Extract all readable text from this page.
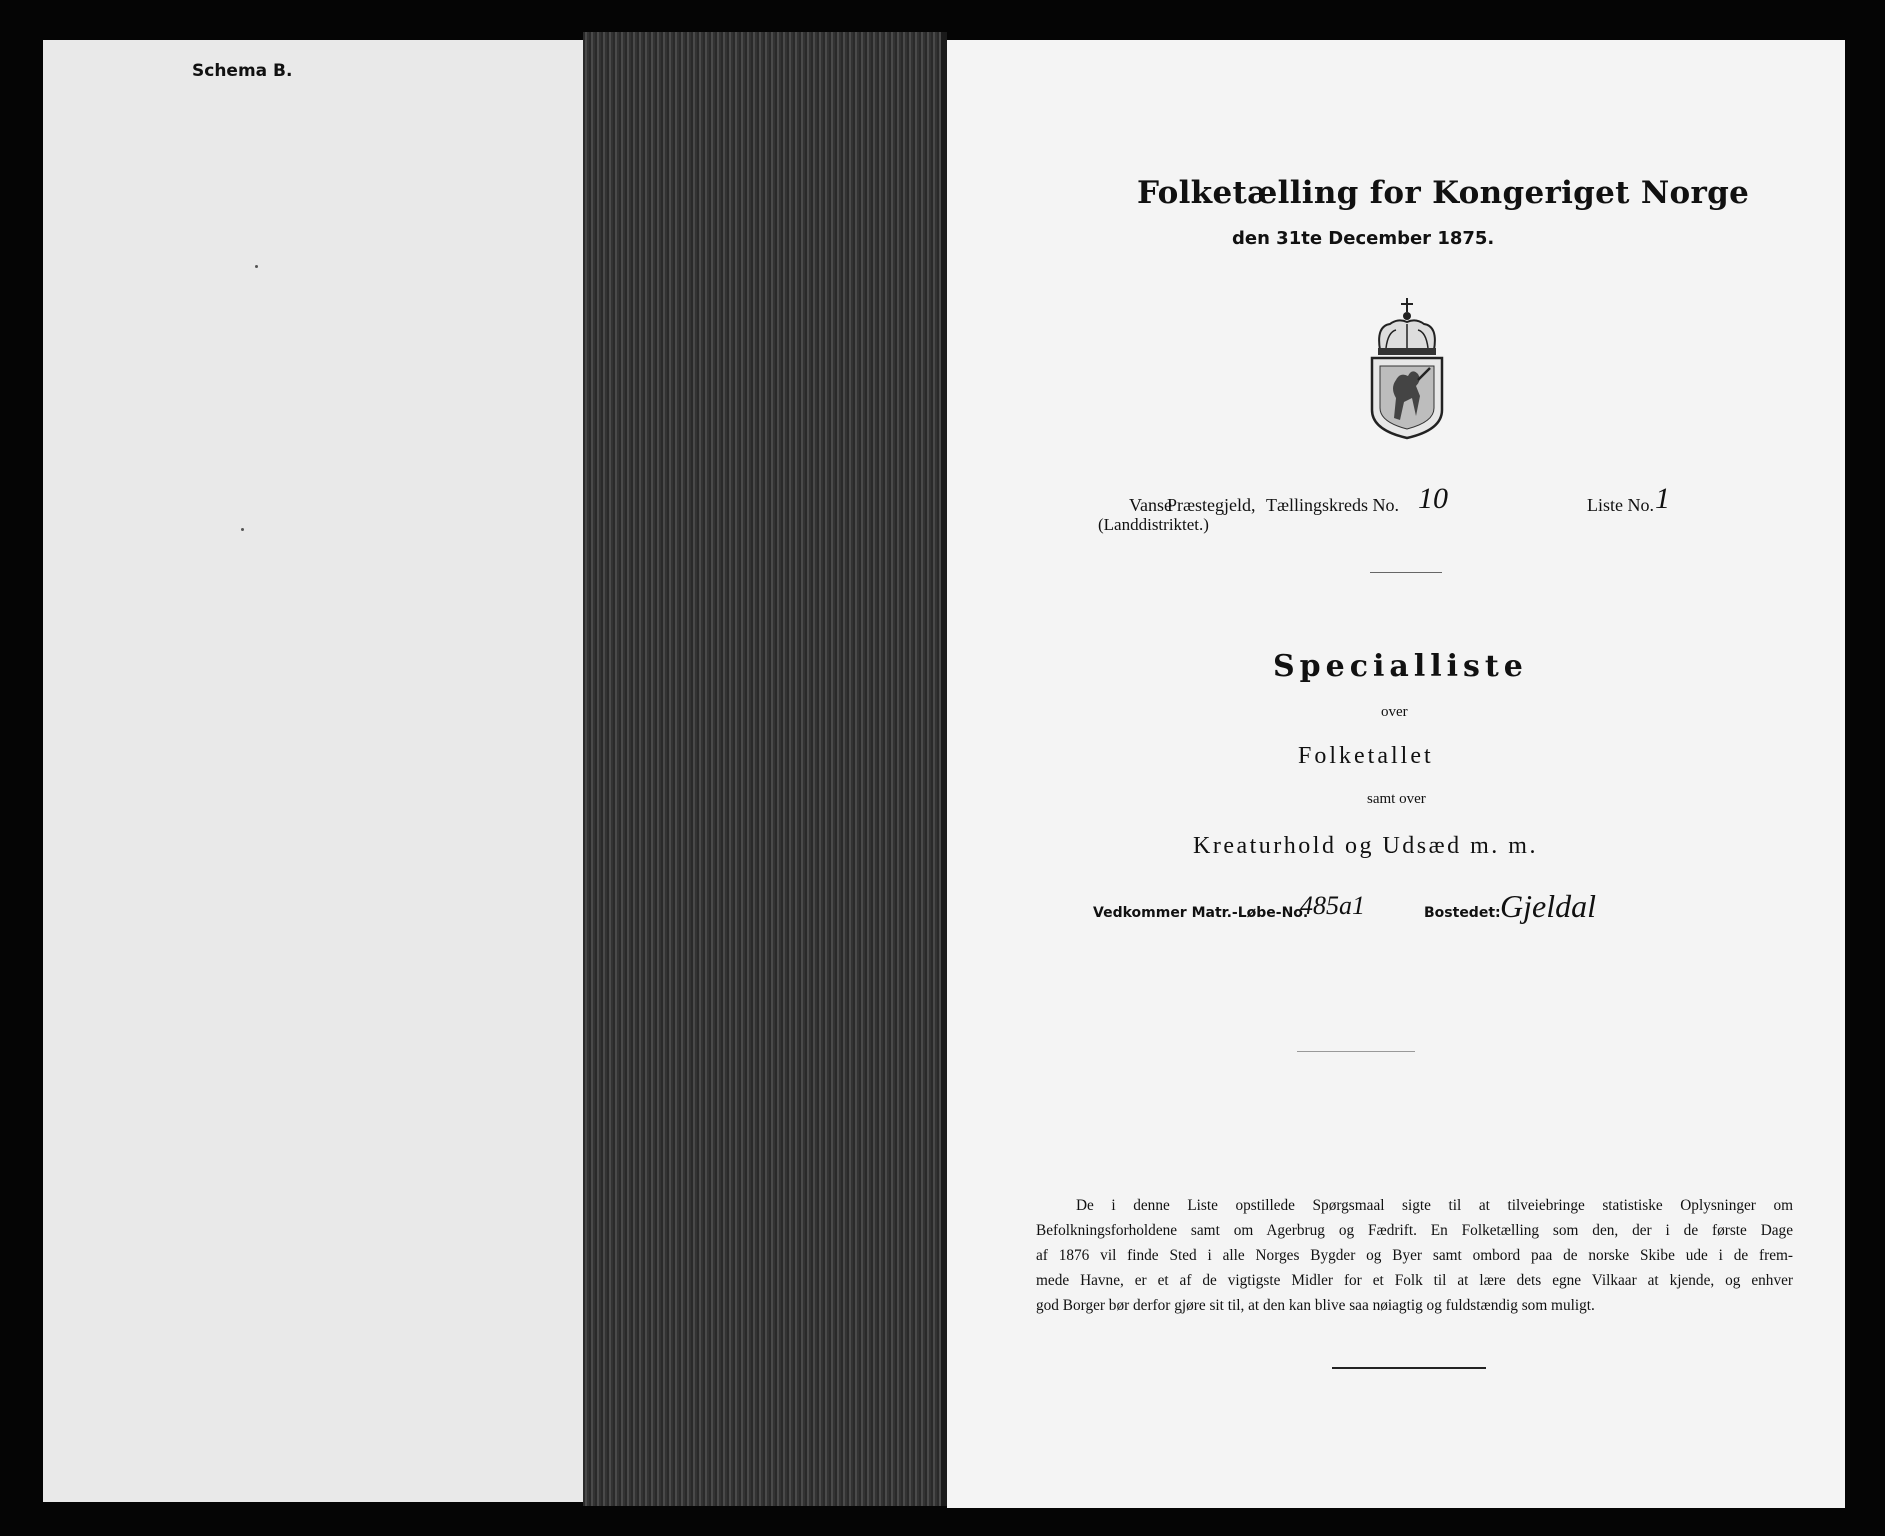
Schema B.
Folketælling for Kongeriget Norge
den 31te December 1875.
Vanse
Præstegjeld, Tællingskreds No. 10	Liste No. 1
(Landdistriktet.)
Specialliste
over
Folketallet
samt over
Kreaturhold og Udsæd m. m.
Vedkommer Matr.-Løbe-No.
485a1	Bostedet: Gjeldal
De i denne Liste opstillede Spørgsmaal sigte til at tilveiebringe statistiske Oplysninger om
Befolkningsforholdene samt om Agerbrug og Fædrift. En Folketælling som den, der i de første Dage
af 1876 vil finde Sted i alle Norges Bygder og Byer samt ombord paa de norske Skibe ude i de frem-
mede Havne, er et af de vigtigste Midler for et Folk til at lære dets egne Vilkaar at kjende, og enhver
god Borger bør derfor gjøre sit til, at den kan blive saa nøiagtig og fuldstændig som muligt.
